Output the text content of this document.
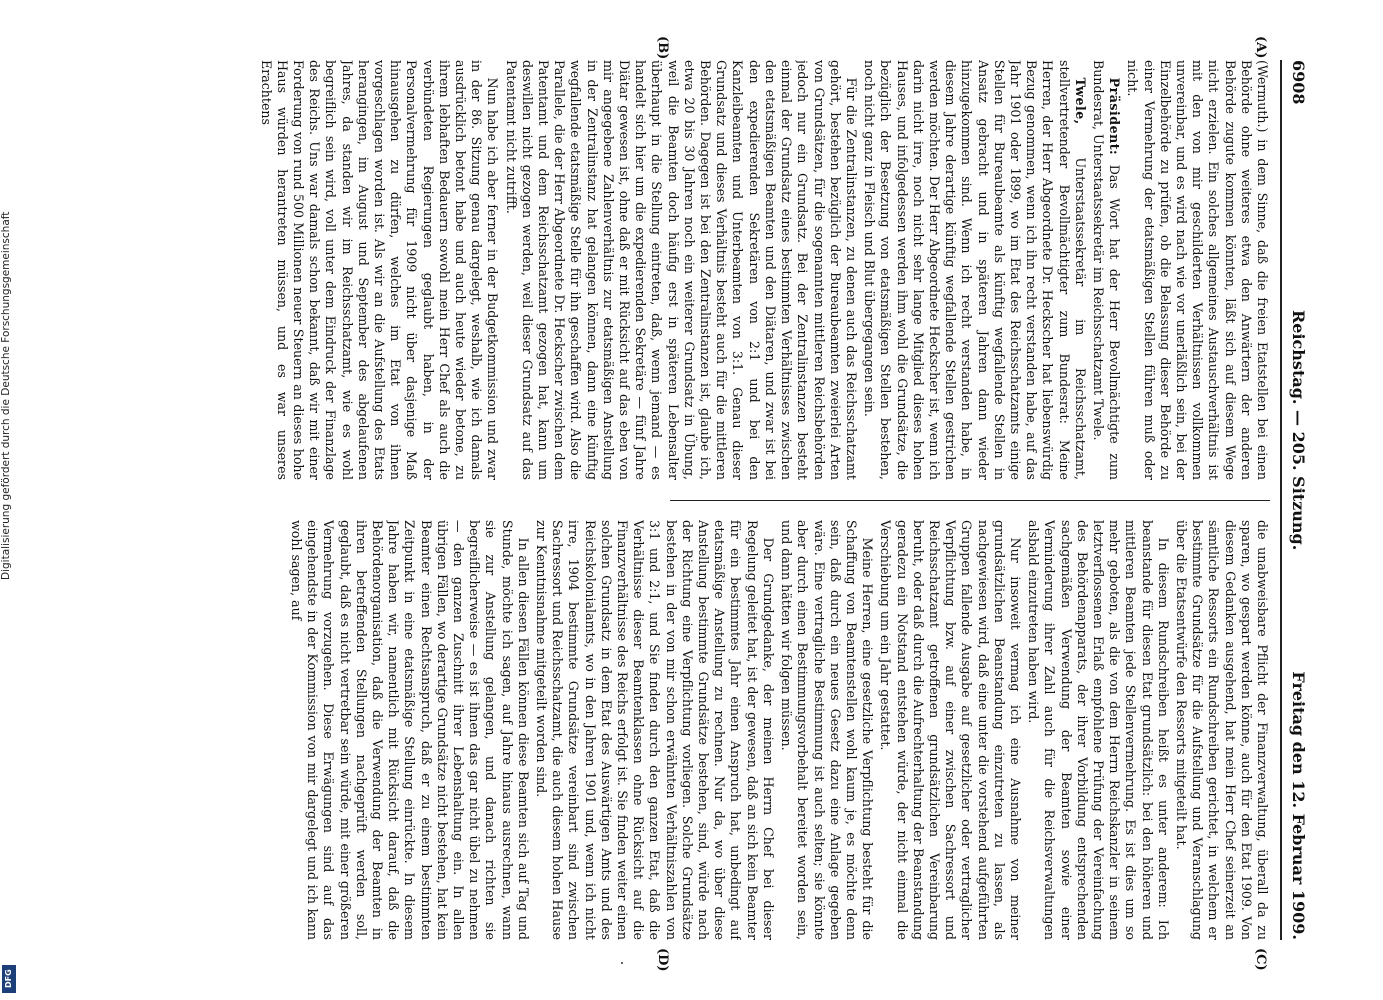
6908
Reichstag. — 205. Sitzung.
Freitag den 12. Februar 1909.
(A)
(B)
(C)
(D)

(Wermuth.) in dem Sinne, daß die freien Etatstellen bei einen Behörde ohne weiteres etwa den Anwärtern der anderen Behörde zugute kommen könnten, läßt sich auf diesem Wege nicht erzielen. Ein solches allgemeines Austauschverhältnis ist mit den von mir geschilderten Verhältnissen vollkommen unvereinbar, und es wird nach wie vor unerläßlich sein, bei der Einzelbehörde zu prüfen, ob die Belassung dieser Behörde zu einer Vermehrung der etatsmäßigen Stellen führen muß oder nicht.

Präsident: Das Wort hat der Herr Bevollmächtigte zum Bundesrat, Unterstaatssekretär im Reichsschatzamt Twele.

Twele, Unterstaatssekretär im Reichsschatzamt, stellvertretender Bevollmächtigter zum Bundesrat: Meine Herren, der Herr Abgeordnete Dr. Heckscher hat liebenswürdig Bezug genommen, wenn ich ihn recht verstanden habe, auf das Jahr 1901 oder 1899, wo im Etat des Reichsschatzamts einige Stellen für Bureaubeamte als künftig wegfallende Stellen in Ansatz gebracht und in späteren Jahren dann wieder hinzugekommen sind. Wenn ich recht verstanden habe, in diesem Jahre derartige künftig wegfallende Stellen gestrichen werden möchten. Der Herr Abgeordnete Heckscher ist, wenn ich darin nicht irre, noch nicht sehr lange Mitglied dieses hohen Hauses, und infolgedessen werden ihm wohl die Grundsätze, die bezüglich der Besetzung von etatsmäßigen Stellen bestehen, noch nicht ganz in Fleisch und Blut übergegangen sein.

Für die Zentralinstanzen, zu denen auch das Reichsschatzamt gehört, bestehen bezüglich der Bureaubeamten zweierlei Arten von Grundsätzen, für die sogenannten mittleren Reichsbehörden jedoch nur ein Grundsatz. Bei der Zentralinstanzen besteht einmal der Grundsatz eines bestimmten Verhältnisses zwischen den etatsmäßigen Beamten und den Diätaren, und zwar ist bei den expedierenden Sekretären von 2:1 und bei den Kanzleibeamten und Unterbeamten von 3:1. Genau dieser Grundsatz und dieses Verhältnis besteht auch für die mittleren Behörden. Dagegen ist bei den Zentralinstanzen ist, glaube ich, etwa 20 bis 30 Jahren noch ein weiterer Grundsatz in Übung, weil die Beamten doch häufig erst in späteren Lebensalter überhaupt in die Stellung eintreten, daß, wenn jemand — es handelt sich hier um die expedierenden Sekretäre — fünf Jahre Diätar gewesen ist, ohne daß er mit Rücksicht auf das eben von mir angegebene Zahlenverhältnis zur etatsmäßigen Anstellung in der Zentralinstanz hat gelangen können, dann eine künftig wegfallende etatsmäßige Stelle für ihn geschaffen wird. Also die Parallele, die der Herr Abgeordnete Dr. Heckscher zwischen dem Patentamt und dem Reichsschatzamt gezogen hat, kann um deswillen nicht gezogen werden, weil dieser Grundsatz auf das Patentamt nicht zutrifft.

Nun habe ich aber ferner in der Budgetkommission und zwar in der 86. Sitzung genau dargelegt, weshalb, wie ich damals ausdrücklich betont habe und auch heute wieder betone, zu ihrem lebhaften Bedauern sowohl mein Herr Chef als auch die verbündeten Regierungen geglaubt haben, in der Personalvermehrung für 1909 nicht über dasjenige Maß hinausgehen zu dürfen, welches im Etat von ihnen vorgeschlagen worden ist. Als wir an die Aufstellung des Etats herangingen, im August und September des abgelaufenen Jahres, da standen wir im Reichsschatzamt, wie es wohl begreiflich sein wird, voll unter dem Eindruck der Finanzlage des Reichs. Uns war damals schon bekannt, daß wir mit einer Forderung von rund 500 Millionen neuer Steuern an dieses hohe Haus würden herantreten müssen, und es war unseres Erachtens

die unabweisbare Pflicht der Finanzverwaltung, überall da zu sparen, wo gespart werden könne, auch für den Etat 1909. Von diesem Gedanken ausgehend, hat mein Herr Chef seinerzeit an sämtliche Ressorts ein Rundschreiben gerichtet, in welchem er bestimmte Grundsätze für die Aufstellung und Veranschlagung über die Etatsentwürfe den Ressorts mitgeteilt hat.

In diesem Rundschreiben heißt es unter anderem: Ich beanstande für diesen Etat grundsätzlich: bei den höheren und mittleren Beamten jede Stellenvermehrung. Es ist dies um so mehr geboten, als die von dem Herrn Reichskanzler in seinem letztverflossenen Erlaß empfohlene Prüfung der Vereinfachung des Behördenapparats, der ihrer Vorbildung entsprechenden sachgemäßen Verwendung der Beamten sowie einer Verminderung ihrer Zahl auch für die Reichsverwaltungen alsbald einzutreten haben wird.

Nur insoweit vermag ich eine Ausnahme von meiner grundsätzlichen Beanstandung einzutreten zu lassen, als nachgewiesen wird, daß eine unter die vorstehend aufgeführten Gruppen fallende Ausgabe auf gesetzlicher oder vertraglicher Verpflichtung bzw. auf einer zwischen Sachressort und Reichsschatzamt getroffenen grundsätzlichen Vereinbarung beruht, oder daß durch die Aufrechterhaltung der Beanstandung geradezu ein Notstand entstehen würde, der nicht einmal die Verschiebung um ein Jahr gestattet.

Meine Herren, eine gesetzliche Verpflichtung besteht für die Schaffung von Beamtenstellen wohl kaum je, es möchte denn sein, daß durch ein neues Gesetz dazu eine Anlage gegeben wäre. Eine vertragliche Bestimmung ist auch selten; sie könnte aber durch einen Bestimmungsvorbehalt bereitet worden sein, und dann hätten wir folgen müssen.

Der Grundgedanke, der meinen Herrn Chef bei dieser Regelung geleitet hat, ist der gewesen, daß an sich kein Beamter für ein bestimmtes Jahr einen Anspruch hat, unbedingt auf etatsmäßige Anstellung zu rechnen. Nur da, wo über diese Anstellung bestimmte Grundsätze bestehen, sind, würde nach der Richtung eine Verpflichtung vorliegen. Solche Grundsätze bestehen in der von mir schon erwähnten Verhältniszahlen von 3:1 und 2:1, und Sie finden durch den ganzen Etat, daß die Verhältnisse dieser Beamtenklassen ohne Rücksicht auf die Finanzverhältnisse des Reichs erfolgt ist. Sie finden weiter einen solchen Grundsatz in dem Etat des Auswärtigen Amts und des Reichskolonialamts, wo in den Jahren 1901 und, wenn ich nicht irre, 1904 bestimmte Grundsätze vereinbart sind zwischen Sachressort und Reichsschatzamt, die auch diesem hohen Hause zur Kenntnisnahme mitgeteilt worden sind.

In allen diesen Fällen können diese Beamten sich auf Tag und Stunde, möchte ich sagen, auf Jahre hinaus ausrechnen, wann sie zur Anstellung gelangen, und danach richten sie begreiflicherweise — es ist ihnen das gar nicht übel zu nehmen — den ganzen Zuschnitt ihrer Lebenshaltung ein. In allen übrigen Fällen, wo derartige Grundsätze nicht bestehen, hat kein Beamter einen Rechtsanspruch, daß er zu einem bestimmten Zeitpunkt in eine etatsmäßige Stellung einrückte. In diesem Jahre haben wir, namentlich mit Rücksicht darauf, daß die Behördenorganisation, daß die Verwendung der Beamten in ihren betreffenden Stellungen nachgeprüft werden soll, geglaubt, daß es nicht vertretbar sein würde, mit einer größeren Vermehrung vorzugehen. Diese Erwägungen sind auf das eingehendste in der Kommission von mir dargelegt und ich kann wohl sagen, auf

Digitalisierung gefördert durch die Deutsche Forschungsgemeinschaft
DFG
